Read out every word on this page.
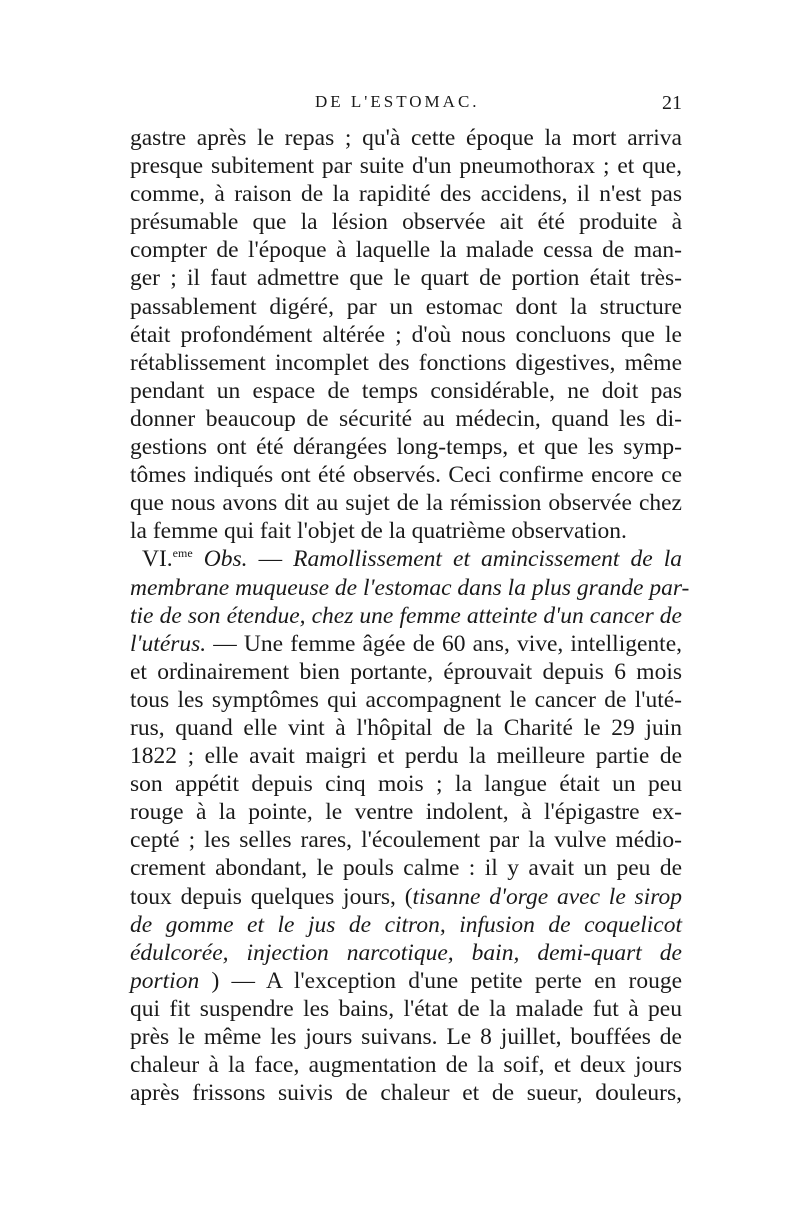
DE L'ESTOMAC.	21
gastre après le repas ; qu'à cette époque la mort arriva
presque subitement par suite d'un pneumothorax ; et que,
comme, à raison de la rapidité des accidens, il n'est pas
présumable que la lésion observée ait été produite à
compter de l'époque à laquelle la malade cessa de man-
ger ; il faut admettre que le quart de portion était très-
passablement digéré, par un estomac dont la structure
était profondément altérée ; d'où nous concluons que le
rétablissement incomplet des fonctions digestives, même
pendant un espace de temps considérable, ne doit pas
donner beaucoup de sécurité au médecin, quand les di-
gestions ont été dérangées long-temps, et que les symp-
tômes indiqués ont été observés. Ceci confirme encore ce
que nous avons dit au sujet de la rémission observée chez
la femme qui fait l'objet de la quatrième observation.
VI.$^{eme}$ Obs. — Ramollissement et amincissement de la
membrane muqueuse de l'estomac dans la plus grande par-
tie de son étendue, chez une femme atteinte d'un cancer de
l'utérus. — Une femme âgée de 60 ans, vive, intelligente,
et ordinairement bien portante, éprouvait depuis 6 mois
tous les symptômes qui accompagnent le cancer de l'uté-
rus, quand elle vint à l'hôpital de la Charité le 29 juin
1822 ; elle avait maigri et perdu la meilleure partie de
son appétit depuis cinq mois ; la langue était un peu
rouge à la pointe, le ventre indolent, à l'épigastre ex-
cepté ; les selles rares, l'écoulement par la vulve médio-
crement abondant, le pouls calme : il y avait un peu de
toux depuis quelques jours, (tisanne d'orge avec le sirop
de gomme et le jus de citron, infusion de coquelicot
édulcorée, injection narcotique, bain, demi-quart de
portion ) — A l'exception d'une petite perte en rouge
qui fit suspendre les bains, l'état de la malade fut à peu
près le même les jours suivans. Le 8 juillet, bouffées de
chaleur à la face, augmentation de la soif, et deux jours
après frissons suivis de chaleur et de sueur, douleurs,
